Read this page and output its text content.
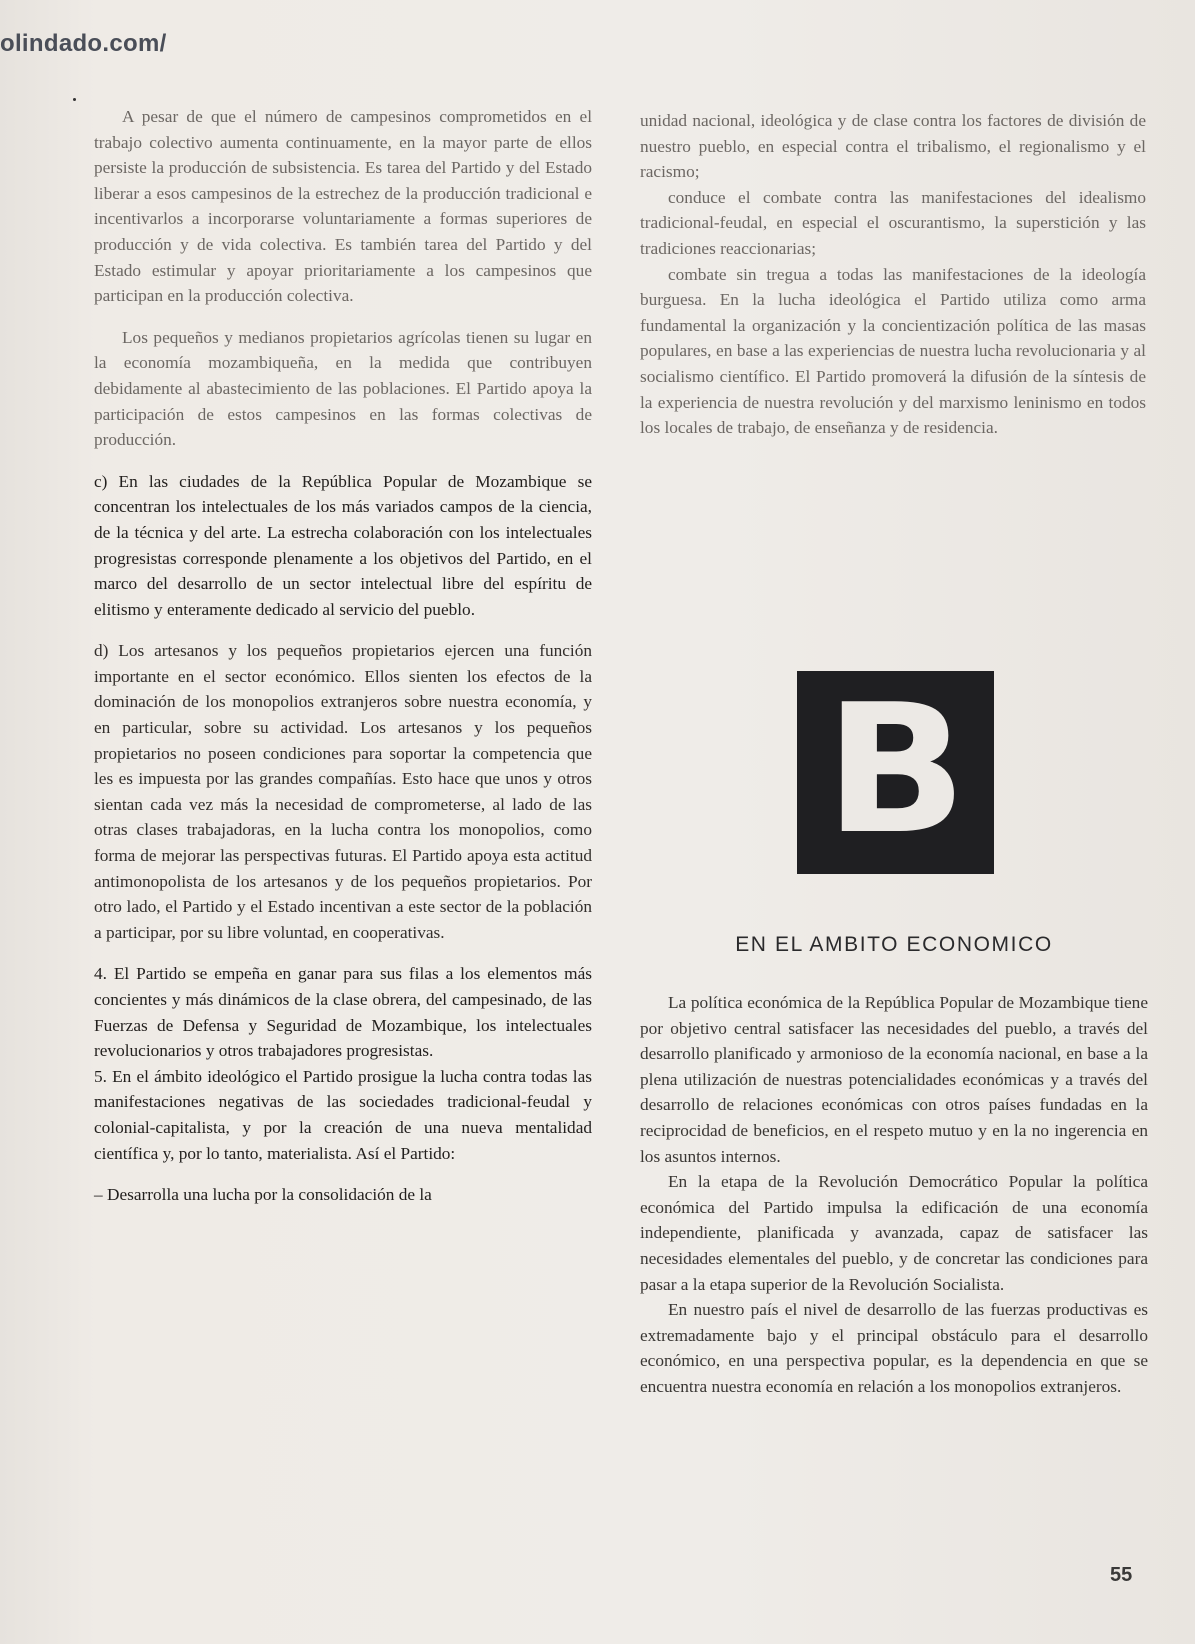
olindado.com/

A pesar de que el número de campesinos comprometidos en el trabajo colectivo aumenta continuamente, en la mayor parte de ellos persiste la producción de subsistencia. Es tarea del Partido y del Estado liberar a esos campesinos de la estrechez de la producción tradicional e incentivarlos a incorporarse voluntariamente a formas superiores de producción y de vida colectiva. Es también tarea del Partido y del Estado estimular y apoyar prioritariamente a los campesinos que participan en la producción colectiva.

Los pequeños y medianos propietarios agrícolas tienen su lugar en la economía mozambiqueña, en la medida que contribuyen debidamente al abastecimiento de las poblaciones. El Partido apoya la participación de estos campesinos en las formas colectivas de producción.

c) En las ciudades de la República Popular de Mozambique se concentran los intelectuales de los más variados campos de la ciencia, de la técnica y del arte. La estrecha colaboración con los intelectuales progresistas corresponde plenamente a los objetivos del Partido, en el marco del desarrollo de un sector intelectual libre del espíritu de elitismo y enteramente dedicado al servicio del pueblo.

d) Los artesanos y los pequeños propietarios ejercen una función importante en el sector económico. Ellos sienten los efectos de la dominación de los monopolios extranjeros sobre nuestra economía, y en particular, sobre su actividad. Los artesanos y los pequeños propietarios no poseen condiciones para soportar la competencia que les es impuesta por las grandes compañías. Esto hace que unos y otros sientan cada vez más la necesidad de comprometerse, al lado de las otras clases trabajadoras, en la lucha contra los monopolios, como forma de mejorar las perspectivas futuras. El Partido apoya esta actitud antimonopolista de los artesanos y de los pequeños propietarios. Por otro lado, el Partido y el Estado incentivan a este sector de la población a participar, por su libre voluntad, en cooperativas.

4. El Partido se empeña en ganar para sus filas a los elementos más concientes y más dinámicos de la clase obrera, del campesinado, de las Fuerzas de Defensa y Seguridad de Mozambique, los intelectuales revolucionarios y otros trabajadores progresistas.

5. En el ámbito ideológico el Partido prosigue la lucha contra todas las manifestaciones negativas de las sociedades tradicional-feudal y colonial-capitalista, y por la creación de una nueva mentalidad científica y, por lo tanto, materialista. Así el Partido:

– Desarrolla una lucha por la consolidación de la

unidad nacional, ideológica y de clase contra los factores de división de nuestro pueblo, en especial contra el tribalismo, el regionalismo y el racismo;

conduce el combate contra las manifestaciones del idealismo tradicional-feudal, en especial el oscurantismo, la superstición y las tradiciones reaccionarias;

combate sin tregua a todas las manifestaciones de la ideología burguesa. En la lucha ideológica el Partido utiliza como arma fundamental la organización y la concientización política de las masas populares, en base a las experiencias de nuestra lucha revolucionaria y al socialismo científico. El Partido promoverá la difusión de la síntesis de la experiencia de nuestra revolución y del marxismo leninismo en todos los locales de trabajo, de enseñanza y de residencia.

B
EN EL AMBITO ECONOMICO

La política económica de la República Popular de Mozambique tiene por objetivo central satisfacer las necesidades del pueblo, a través del desarrollo planificado y armonioso de la economía nacional, en base a la plena utilización de nuestras potencialidades económicas y a través del desarrollo de relaciones económicas con otros países fundadas en la reciprocidad de beneficios, en el respeto mutuo y en la no ingerencia en los asuntos internos.

En la etapa de la Revolución Democrático Popular la política económica del Partido impulsa la edificación de una economía independiente, planificada y avanzada, capaz de satisfacer las necesidades elementales del pueblo, y de concretar las condiciones para pasar a la etapa superior de la Revolución Socialista.

En nuestro país el nivel de desarrollo de las fuerzas productivas es extremadamente bajo y el principal obstáculo para el desarrollo económico, en una perspectiva popular, es la dependencia en que se encuentra nuestra economía en relación a los monopolios extranjeros.

55
